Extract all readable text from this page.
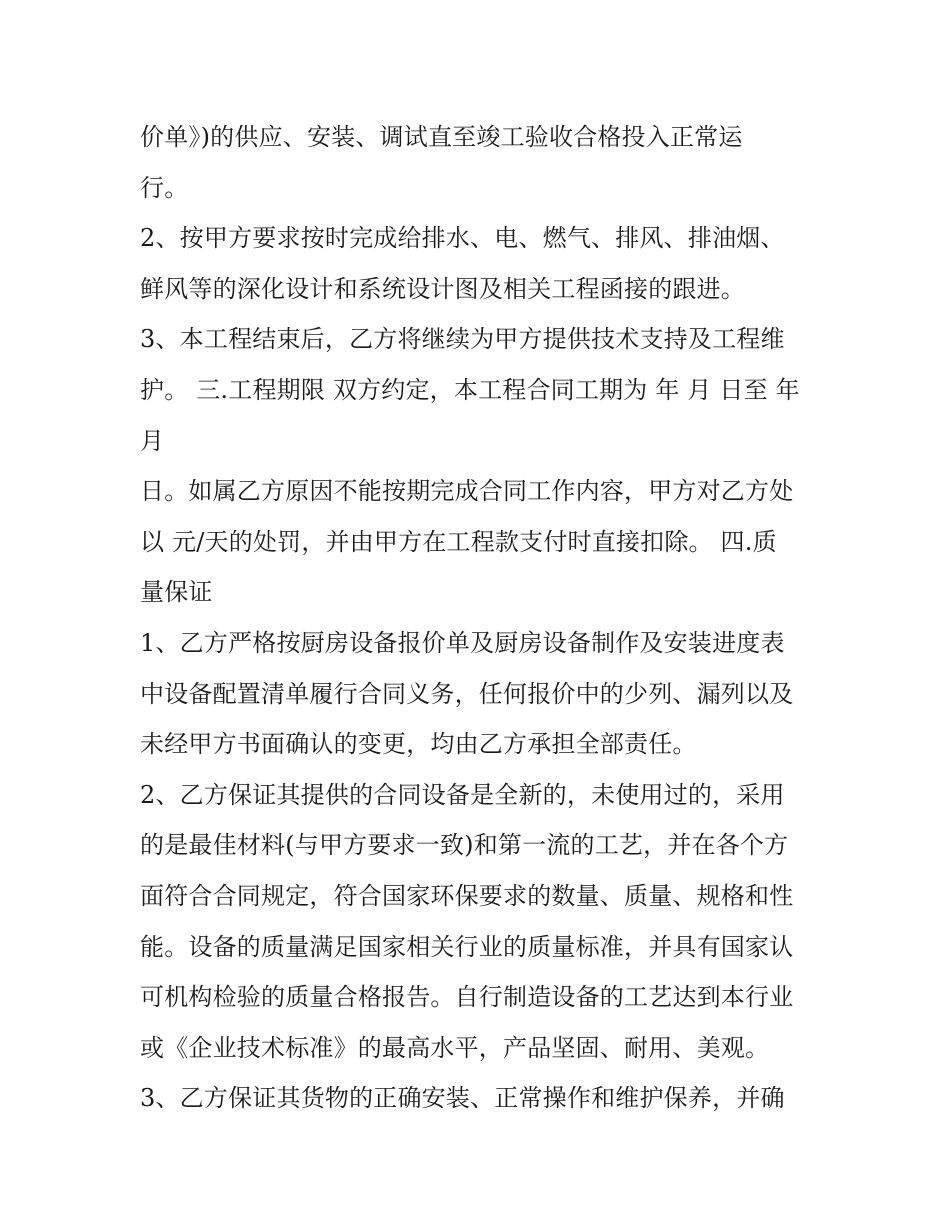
价单》)的供应、安装、调试直至竣工验收合格投入正常运
行。
2、按甲方要求按时完成给排水、电、燃气、排风、排油烟、
鲜风等的深化设计和系统设计图及相关工程函接的跟进。
3、本工程结束后，乙方将继续为甲方提供技术支持及工程维
护。 三.工程期限 双方约定，本工程合同工期为 年 月 日至 年
月
日。如属乙方原因不能按期完成合同工作内容，甲方对乙方处
以 元/天的处罚，并由甲方在工程款支付时直接扣除。 四.质
量保证
1、乙方严格按厨房设备报价单及厨房设备制作及安装进度表
中设备配置清单履行合同义务，任何报价中的少列、漏列以及
未经甲方书面确认的变更，均由乙方承担全部责任。
2、乙方保证其提供的合同设备是全新的，未使用过的，采用
的是最佳材料(与甲方要求一致)和第一流的工艺，并在各个方
面符合合同规定，符合国家环保要求的数量、质量、规格和性
能。设备的质量满足国家相关行业的质量标准，并具有国家认
可机构检验的质量合格报告。自行制造设备的工艺达到本行业
或《企业技术标准》的最高水平，产品坚固、耐用、美观。
3、乙方保证其货物的正确安装、正常操作和维护保养，并确
